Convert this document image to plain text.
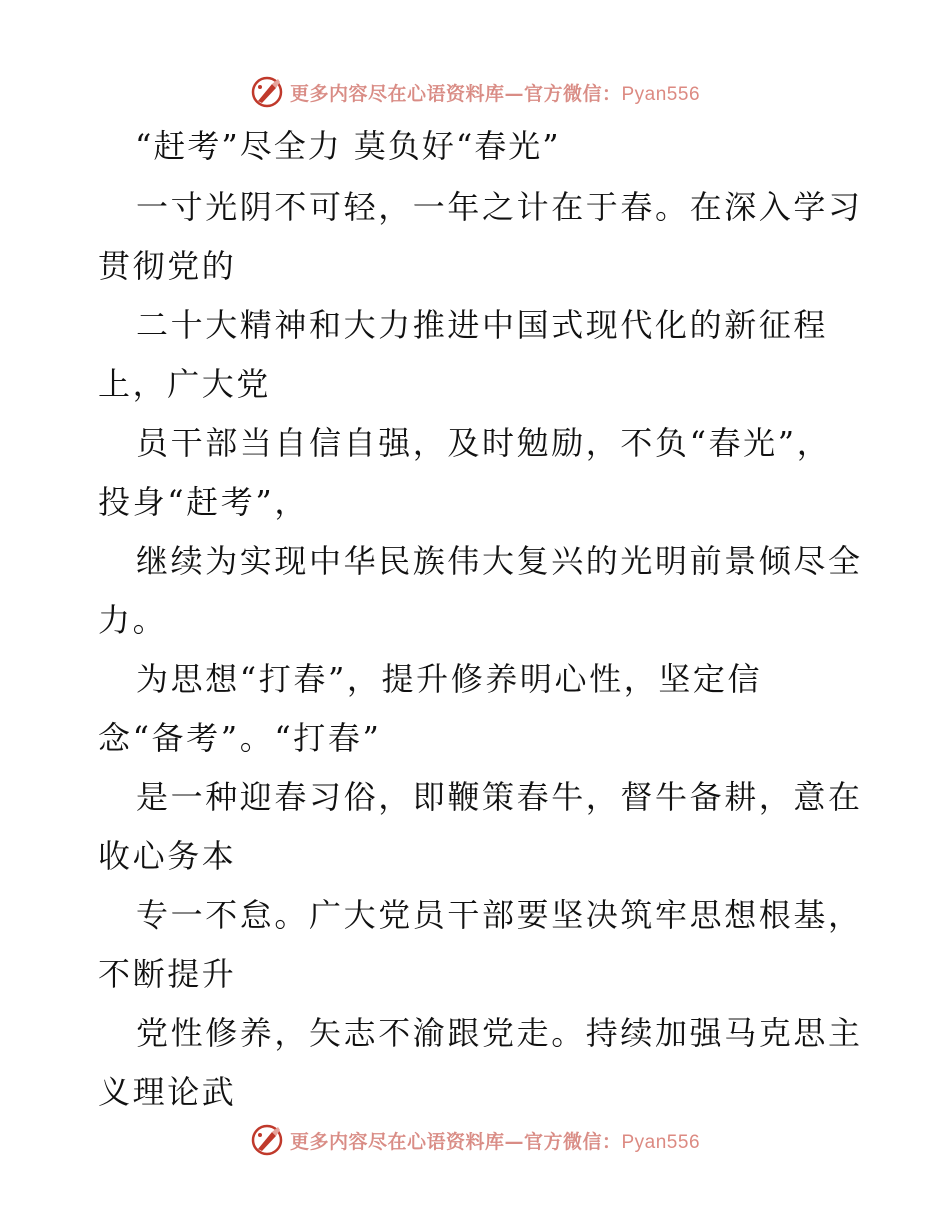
更多内容尽在心语资料库—官方微信：Pyan556
“赶考”尽全力 莫负好“春光”
一寸光阴不可轻，一年之计在于春。在深入学习
贯彻党的
二十大精神和大力推进中国式现代化的新征程
上，广大党
员干部当自信自强，及时勉励，不负“春光”，
投身“赶考”，
继续为实现中华民族伟大复兴的光明前景倾尽全
力。
为思想“打春”，提升修养明心性，坚定信
念“备考”。“打春”
是一种迎春习俗，即鞭策春牛，督牛备耕，意在
收心务本
专一不怠。广大党员干部要坚决筑牢思想根基，
不断提升
党性修养，矢志不渝跟党走。持续加强马克思主
义理论武
更多内容尽在心语资料库—官方微信：Pyan556
